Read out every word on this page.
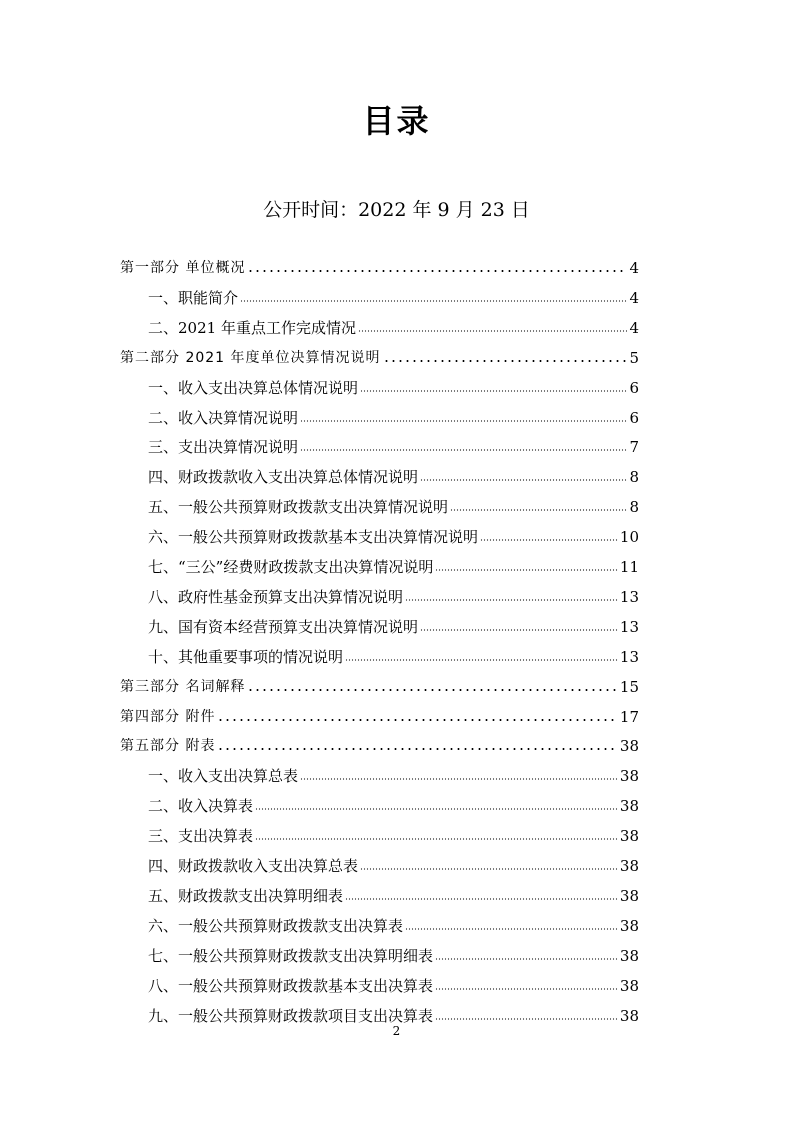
目录
公开时间：2022 年 9 月 23 日
第一部分 单位概况	4
一、职能简介	4
二、2021 年重点工作完成情况	4
第二部分 2021 年度单位决算情况说明	5
一、收入支出决算总体情况说明	6
二、收入决算情况说明	6
三、支出决算情况说明	7
四、财政拨款收入支出决算总体情况说明	8
五、一般公共预算财政拨款支出决算情况说明	8
六、一般公共预算财政拨款基本支出决算情况说明	10
七、“三公”经费财政拨款支出决算情况说明	11
八、政府性基金预算支出决算情况说明	13
九、国有资本经营预算支出决算情况说明	13
十、其他重要事项的情况说明	13
第三部分 名词解释	15
第四部分 附件	17
第五部分 附表	38
一、收入支出决算总表	38
二、收入决算表	38
三、支出决算表	38
四、财政拨款收入支出决算总表	38
五、财政拨款支出决算明细表	38
六、一般公共预算财政拨款支出决算表	38
七、一般公共预算财政拨款支出决算明细表	38
八、一般公共预算财政拨款基本支出决算表	38
九、一般公共预算财政拨款项目支出决算表	38
2
